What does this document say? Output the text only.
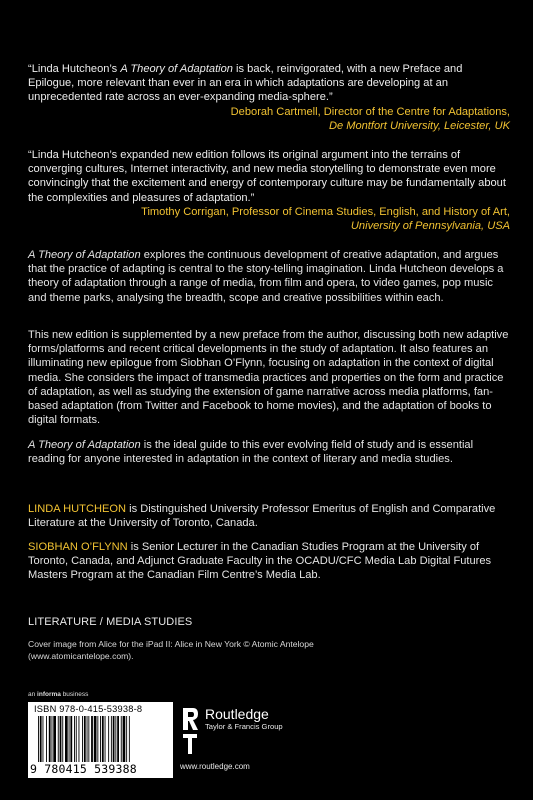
“Linda Hutcheon’s A Theory of Adaptation is back, reinvigorated, with a new Preface and Epilogue, more relevant than ever in an era in which adaptations are developing at an unprecedented rate across an ever-expanding media-sphere.”

Deborah Cartmell, Director of the Centre for Adaptations,
De Montfort University, Leicester, UK

“Linda Hutcheon’s expanded new edition follows its original argument into the terrains of converging cultures, Internet interactivity, and new media storytelling to demonstrate even more convincingly that the excitement and energy of contemporary culture may be fundamentally about the complexities and pleasures of adaptation.”

Timothy Corrigan, Professor of Cinema Studies, English, and History of Art,
University of Pennsylvania, USA

A Theory of Adaptation explores the continuous development of creative adaptation, and argues that the practice of adapting is central to the story-telling imagination. Linda Hutcheon develops a theory of adaptation through a range of media, from film and opera, to video games, pop music and theme parks, analysing the breadth, scope and creative possibilities within each.

This new edition is supplemented by a new preface from the author, discussing both new adaptive forms/platforms and recent critical developments in the study of adaptation. It also features an illuminating new epilogue from Siobhan O’Flynn, focusing on adaptation in the context of digital media. She considers the impact of transmedia practices and properties on the form and practice of adaptation, as well as studying the extension of game narrative across media platforms, fan-based adaptation (from Twitter and Facebook to home movies), and the adaptation of books to digital formats.

A Theory of Adaptation is the ideal guide to this ever evolving field of study and is essential reading for anyone interested in adaptation in the context of literary and media studies.

LINDA HUTCHEON is Distinguished University Professor Emeritus of English and Comparative Literature at the University of Toronto, Canada.

SIOBHAN O’FLYNN is Senior Lecturer in the Canadian Studies Program at the University of Toronto, Canada, and Adjunct Graduate Faculty in the OCADU/CFC Media Lab Digital Futures Masters Program at the Canadian Film Centre’s Media Lab.

LITERATURE / MEDIA STUDIES
Cover image from Alice for the iPad II: Alice in New York © Atomic Antelope (www.atomicantelope.com).
an informa business
ISBN 978-0-415-53938-8
9 780415 539388
Routledge
Taylor & Francis Group
www.routledge.com
